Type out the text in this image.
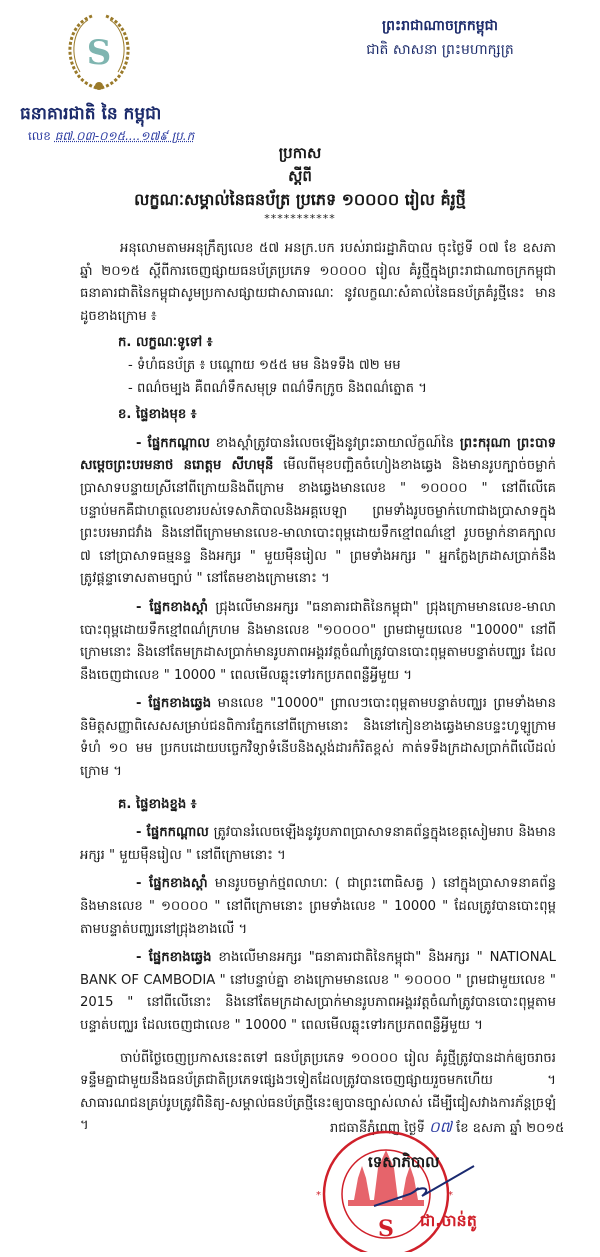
S
ធនាគារជាតិ នៃ កម្ពុជា
លេខ ធ៧.០៣-០១៥....១៧៩ ប្រ.ក
ព្រះរាជាណាចក្រកម្ពុជា
ជាតិ សាសនា ព្រះមហាក្សត្រ
ប្រកាស
ស្តីពី
លក្ខណៈសម្គាល់នៃធនប័ត្រ ប្រភេទ ១០០០០ រៀល គំរូថ្មី
***********

អនុលោមតាមអនុក្រឹត្យលេខ ៥៧ អនក្រ.បក របស់រាជរដ្ឋាភិបាល ចុះថ្ងៃទី ០៧ ខែ ឧសភា ឆ្នាំ ២០១៥ ស្តីពីការចេញផ្សាយធនប័ត្រប្រភេទ ១០០០០ រៀល គំរូថ្មីក្នុងព្រះរាជាណាចក្រកម្ពុជា ធនាគារជាតិនៃកម្ពុជាសូមប្រកាសផ្សាយជាសាធារណៈ នូវលក្ខណៈសំគាល់នៃធនប័ត្រគំរូថ្មីនេះ មានដូចខាងក្រោម ៖

ក. លក្ខណៈទូទៅ ៖

- ទំហំធនប័ត្រ ៖ បណ្តោយ ១៥៥ មម និងទទឹង ៧២ មម

- ពណ៌ចម្បង គឺពណ៌ទឹកសមុទ្រ ពណ៌ទឹកក្រូច និងពណ៌ត្នោត ។

ខ. ផ្ទៃខាងមុខ ៖

- ផ្នែកកណ្តាល ខាងស្តាំត្រូវបានរំលេចឡើងនូវព្រះឆាយាល័ក្ខណ៍នៃ ព្រះករុណា ព្រះបាទ សម្តេចព្រះបរមនាថ នរោត្តម សីហមុនី មើលពីមុខបញ្ឆិតចំហៀងខាងឆ្វេង និងមានរូបក្បាច់ចម្លាក់ប្រាសាទបន្ទាយស្រីនៅពីក្រោយនិងពីក្រោម ខាងឆ្វេងមានលេខ " ១០០០០ " នៅពីលើគេ បន្ទាប់មកគឺជាហត្ថលេខារបស់ទេសាភិបាលនិងអគ្គបេឡា ព្រមទាំងរូបចម្លាក់ហោជាងប្រាសាទក្នុងព្រះបរមរាជវាំង និងនៅពីក្រោមមានលេខ-មាលាបោះពុម្ពដោយទឹកខ្មៅពណ៌ខ្មៅ រូបចម្លាក់នាគក្បាល ៧ នៅប្រាសាទធម្មនន្ទ និងអក្សរ " មួយម៉ឺនរៀល " ព្រមទាំងអក្សរ " អ្នកក្លែងក្រដាសប្រាក់នឹងត្រូវផ្តន្ទាទោសតាមច្បាប់ " នៅតែមខាងក្រោមនោះ ។

- ផ្នែកខាងស្តាំ ជ្រុងលើមានអក្សរ "ធនាគារជាតិនៃកម្ពុជា" ជ្រុងក្រោមមានលេខ-មាលាបោះពុម្ពដោយទឹកខ្មៅពណ៌ក្រហម និងមានលេខ "១០០០០" ព្រមជាមួយលេខ "10000" នៅពីក្រោមនោះ និងនៅតែមក្រដាសប្រាក់មានរូបភាពអង្គរវត្តចំណាំត្រូវបានបោះពុម្ពតាមបន្ទាត់បញ្ឈរ ដែលនឹងចេញជាលេខ " 10000 " ពេលមើលឆ្លុះទៅរកប្រភពពន្លឺអ្វីមួយ ។

- ផ្នែកខាងឆ្វេង មានលេខ "10000" ព្រាលៗបោះពុម្ពតាមបន្ទាត់បញ្ឈរ ព្រមទាំងមាននិមិត្តសញ្ញាពិសេសសម្រាប់ជនពិការភ្នែកនៅពីក្រោមនោះ និងនៅកៀនខាងឆ្វេងមានបន្ទះហូឡូក្រាមទំហំ ១០ មម ប្រកបដោយបច្ចេកវិទ្យាទំនើបនិងស្តង់ដារកំរិតខ្ពស់ កាត់ទទឹងក្រដាសប្រាក់ពីលើដល់ក្រោម ។

គ. ផ្ទៃខាងខ្នង ៖

- ផ្នែកកណ្តាល ត្រូវបានរំលេចឡើងនូវរូបភាពប្រាសាទនាគព័ន្ធក្នុងខេត្តសៀមរាប និងមានអក្សរ " មួយម៉ឺនរៀល " នៅពីក្រោមនោះ ។

- ផ្នែកខាងស្តាំ មានរូបចម្លាក់ថ្មពលាហៈ ( ជាព្រះពោធិសត្វ ) នៅក្នុងប្រាសាទនាគព័ន្ធ និងមានលេខ " ១០០០០ " នៅពីក្រោមនោះ ព្រមទាំងលេខ " 10000 " ដែលត្រូវបានបោះពុម្ពតាមបន្ទាត់បញ្ឈរនៅជ្រុងខាងលើ ។

- ផ្នែកខាងឆ្វេង ខាងលើមានអក្សរ "ធនាគារជាតិនៃកម្ពុជា" និងអក្សរ " NATIONAL BANK OF CAMBODIA " នៅបន្ទាប់គ្នា ខាងក្រោមមានលេខ " ១០០០០ " ព្រមជាមួយលេខ " 2015 " នៅពីលើនោះ និងនៅតែមក្រដាសប្រាក់មានរូបភាពអង្គរវត្តចំណាំត្រូវបានបោះពុម្ពតាមបន្ទាត់បញ្ឈរ ដែលចេញជាលេខ " 10000 " ពេលមើលឆ្លុះទៅរកប្រភពពន្លឺអ្វីមួយ ។

ចាប់ពីថ្ងៃចេញប្រកាសនេះតទៅ ធនប័ត្រប្រភេទ ១០០០០ រៀល គំរូថ្មីត្រូវបានដាក់ឲ្យចរាចរទន្ទឹមគ្នាជាមួយនឹងធនប័ត្រជាតិប្រភេទផ្សេងៗទៀតដែលត្រូវបានចេញផ្សាយរួចមកហើយ ។ សាធារណជនគ្រប់រូបត្រូវពិនិត្យ-សម្គាល់ធនប័ត្រថ្មីនេះឲ្យបានច្បាស់លាស់ ដើម្បីជៀសវាងការភ័ន្តច្រឡំ ។	រាជធានីភ្នំពេញ ថ្ងៃទី ០៧ ខែ ឧសភា ឆ្នាំ ២០១៥
S
*	*
ទេសាភិបាល
ជា.ចាន់តូ
